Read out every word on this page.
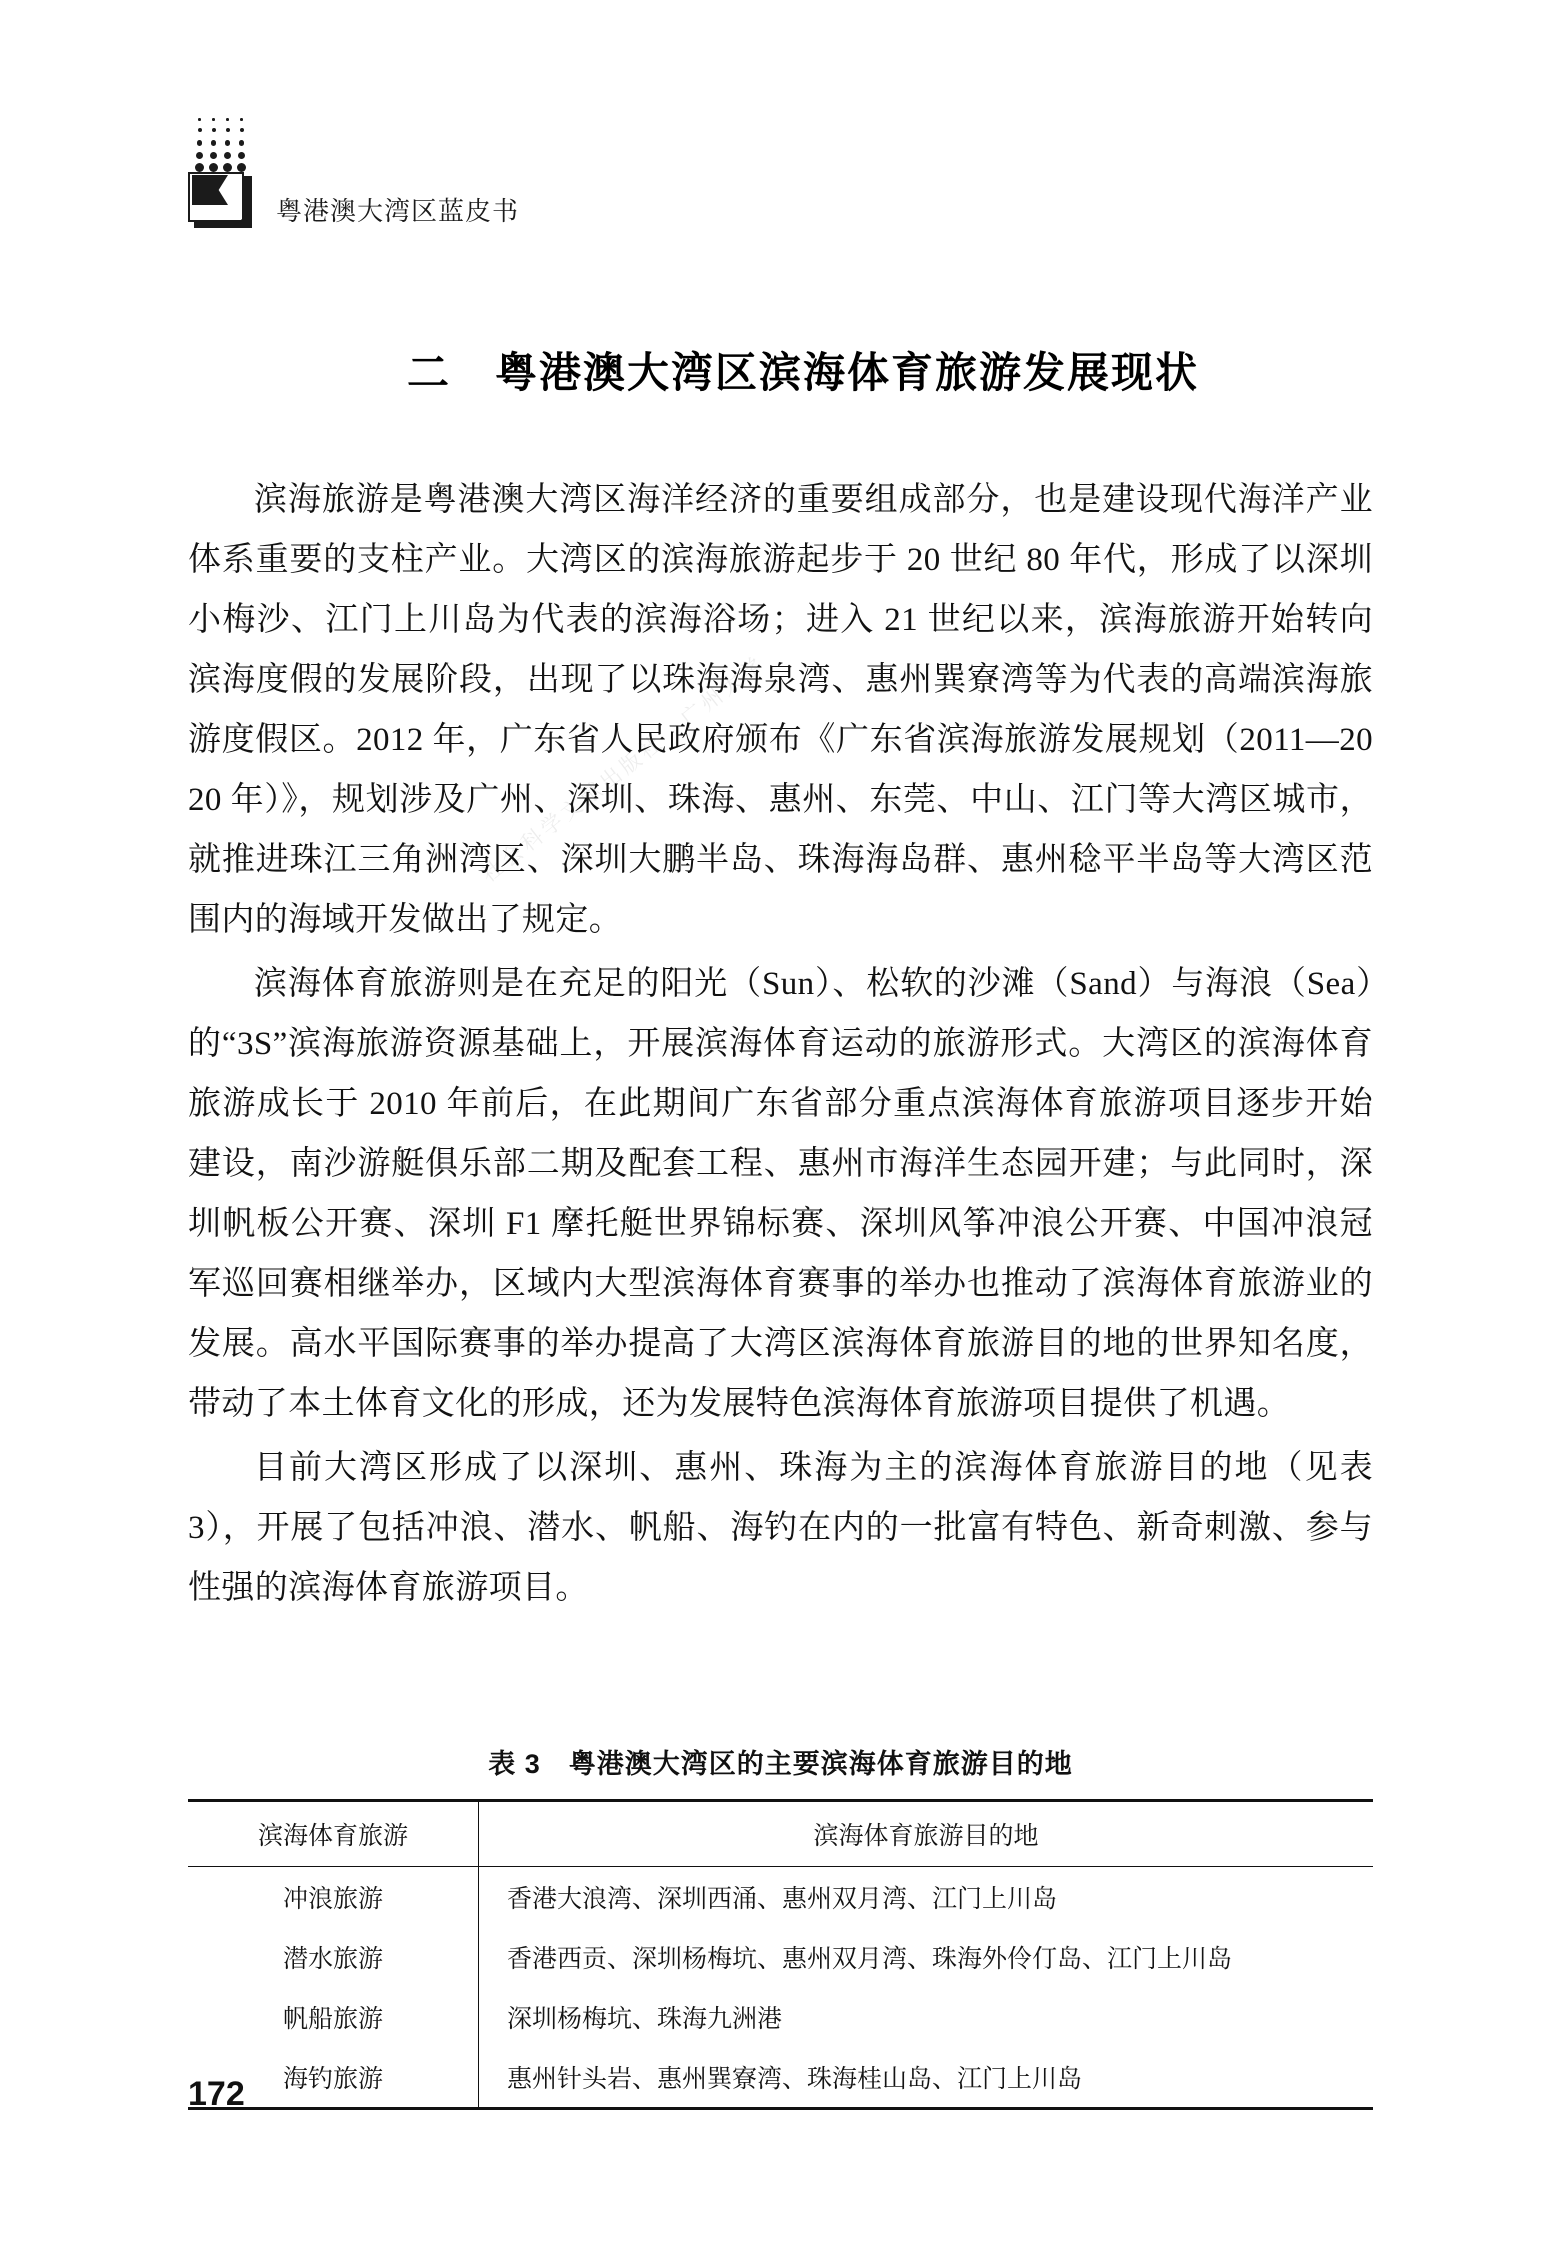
粤港澳大湾区蓝皮书
社会科学文献出版社   广州大学
二　粤港澳大湾区滨海体育旅游发展现状

滨海旅游是粤港澳大湾区海洋经济的重要组成部分，也是建设现代海洋产业体系重要的支柱产业。大湾区的滨海旅游起步于 20 世纪 80 年代，形成了以深圳小梅沙、江门上川岛为代表的滨海浴场；进入 21 世纪以来，滨海旅游开始转向滨海度假的发展阶段，出现了以珠海海泉湾、惠州巽寮湾等为代表的高端滨海旅游度假区。2012 年，广东省人民政府颁布《广东省滨海旅游发展规划（2011—2020 年）》，规划涉及广州、深圳、珠海、惠州、东莞、中山、江门等大湾区城市，就推进珠江三角洲湾区、深圳大鹏半岛、珠海海岛群、惠州稔平半岛等大湾区范围内的海域开发做出了规定。

滨海体育旅游则是在充足的阳光（Sun）、松软的沙滩（Sand）与海浪（Sea）的“3S”滨海旅游资源基础上，开展滨海体育运动的旅游形式。大湾区的滨海体育旅游成长于 2010 年前后，在此期间广东省部分重点滨海体育旅游项目逐步开始建设，南沙游艇俱乐部二期及配套工程、惠州市海洋生态园开建；与此同时，深圳帆板公开赛、深圳 F1 摩托艇世界锦标赛、深圳风筝冲浪公开赛、中国冲浪冠军巡回赛相继举办，区域内大型滨海体育赛事的举办也推动了滨海体育旅游业的发展。高水平国际赛事的举办提高了大湾区滨海体育旅游目的地的世界知名度，带动了本土体育文化的形成，还为发展特色滨海体育旅游项目提供了机遇。

目前大湾区形成了以深圳、惠州、珠海为主的滨海体育旅游目的地（见表 3），开展了包括冲浪、潜水、帆船、海钓在内的一批富有特色、新奇刺激、参与性强的滨海体育旅游项目。

表 3　粤港澳大湾区的主要滨海体育旅游目的地
滨海体育旅游	滨海体育旅游目的地
冲浪旅游	香港大浪湾、深圳西涌、惠州双月湾、江门上川岛
潜水旅游	香港西贡、深圳杨梅坑、惠州双月湾、珠海外伶仃岛、江门上川岛
帆船旅游	深圳杨梅坑、珠海九洲港
海钓旅游	惠州针头岩、惠州巽寮湾、珠海桂山岛、江门上川岛
172
